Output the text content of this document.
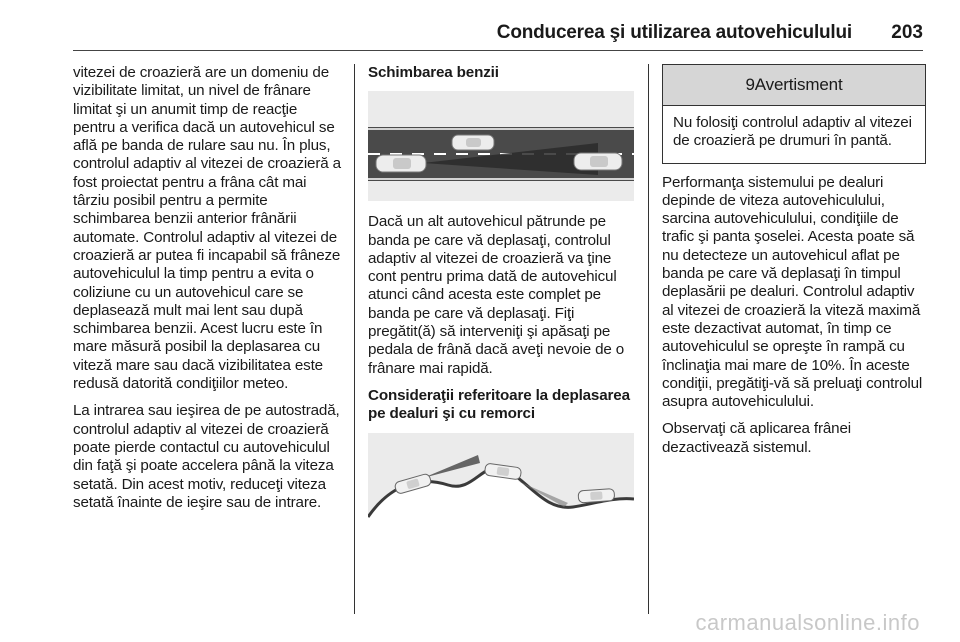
Conducerea şi utilizarea autovehiculului 203

vitezei de croazieră are un domeniu de vizibilitate limitat, un nivel de frânare limitat şi un anumit timp de reacţie pentru a verifica dacă un autovehicul se află pe banda de rulare sau nu. În plus, controlul adaptiv al vitezei de croazieră a fost proiectat pentru a frâna cât mai târziu posibil pentru a permite schimbarea benzii anterior frânării automate. Controlul adaptiv al vitezei de croazieră ar putea fi incapabil să frâneze autovehiculul la timp pentru a evita o coliziune cu un autovehicul care se deplasează mult mai lent sau după schimbarea benzii. Acest lucru este în mare măsură posibil la deplasarea cu viteză mare sau dacă vizibilitatea este redusă datorită condiţiilor meteo.

La intrarea sau ieşirea de pe autostradă, controlul adaptiv al vitezei de croazieră poate pierde contactul cu autovehiculul din faţă şi poate accelera până la viteza setată. Din acest motiv, reduceţi viteza setată înainte de ieşire sau de intrare.

Schimbarea benzii

Dacă un alt autovehicul pătrunde pe banda pe care vă deplasaţi, controlul adaptiv al vitezei de croazieră va ţine cont pentru prima dată de autovehicul atunci când acesta este complet pe banda pe care vă deplasaţi. Fiţi pregătit(ă) să interveniţi şi apăsaţi pe pedala de frână dacă aveţi nevoie de o frânare mai rapidă.

Consideraţii referitoare la deplasarea pe dealuri şi cu remorci

9Avertisment
Nu folosiţi controlul adaptiv al vitezei de croazieră pe drumuri în pantă.

Performanţa sistemului pe dealuri depinde de viteza autovehiculului, sarcina autovehiculului, condiţiile de trafic şi panta şoselei. Acesta poate să nu detecteze un autovehicul aflat pe banda pe care vă deplasaţi în timpul deplasării pe dealuri. Controlul adaptiv al vitezei de croazieră la viteză maximă este dezactivat automat, în timp ce autovehiculul se opreşte în rampă cu înclinaţia mai mare de 10%. În aceste condiţii, pregătiţi-vă să preluaţi controlul asupra autovehiculului.

Observaţi că aplicarea frânei dezactivează sistemul.

carmanualsonline.info
